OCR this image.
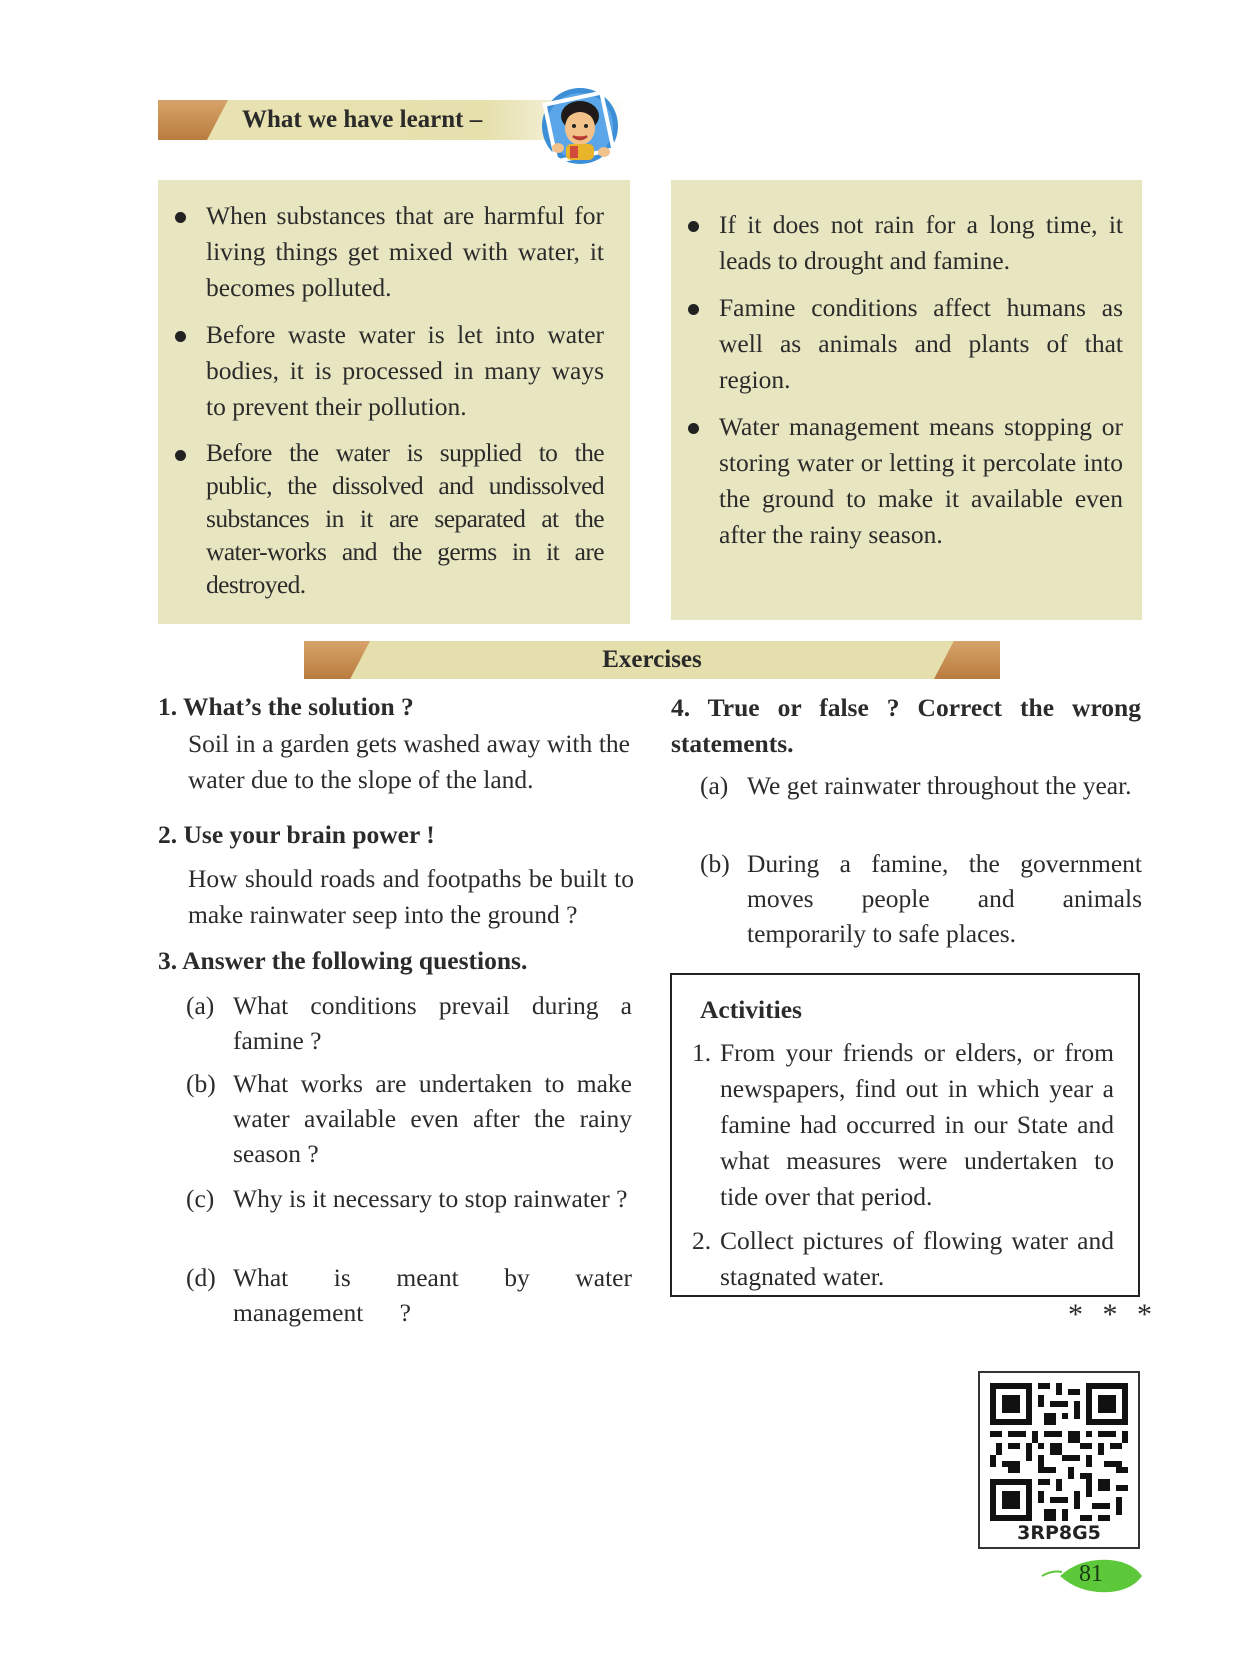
What we have learnt –
When substances that are harmful for living things get mixed with water, it becomes polluted.
Before waste water is let into water bodies, it is processed in many ways to prevent their pollution.
Before the water is supplied to the public, the dissolved and undissolved substances in it are separated at the water-works and the germs in it are destroyed.
If it does not rain for a long time, it leads to drought and famine.
Famine conditions affect humans as well as animals and plants of that region.
Water management means stopping or storing water or letting it percolate into the ground to make it available even after the rainy season.
Exercises
1. What’s the solution ?
Soil in a garden gets washed away with the water due to the slope of the land.
2. Use your brain power !
How should roads and footpaths be built to make rainwater seep into the ground ?
3. Answer the following questions.
(a) What conditions prevail during a famine ?
(b) What works are undertaken to make water available even after the rainy season ?
(c) Why is it necessary to stop rainwater ?
(d) What is meant by water management ?
4. True or false ? Correct the wrong statements.
(a) We get rainwater throughout the year.
(b) During a famine, the government moves people and animals temporarily to safe places.
Activities
1. From your friends or elders, or from newspapers, find out in which year a famine had occurred in our State and what measures were undertaken to tide over that period.
2. Collect pictures of flowing water and stagnated water.
* * *
3RP8G5
81
